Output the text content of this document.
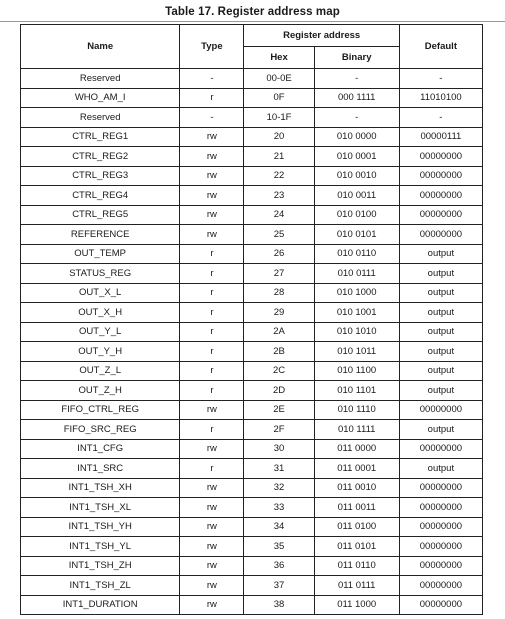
Table 17. Register address map
Name	Type	Register address		Default
		Hex	Binary	
Reserved	-	00-0E	-	-
WHO_AM_I	r	0F	000 1111	11010100
Reserved	-	10-1F	-	-
CTRL_REG1	rw	20	010 0000	00000111
CTRL_REG2	rw	21	010 0001	00000000
CTRL_REG3	rw	22	010 0010	00000000
CTRL_REG4	rw	23	010 0011	00000000
CTRL_REG5	rw	24	010 0100	00000000
REFERENCE	rw	25	010 0101	00000000
OUT_TEMP	r	26	010 0110	output
STATUS_REG	r	27	010 0111	output
OUT_X_L	r	28	010 1000	output
OUT_X_H	r	29	010 1001	output
OUT_Y_L	r	2A	010 1010	output
OUT_Y_H	r	2B	010 1011	output
OUT_Z_L	r	2C	010 1100	output
OUT_Z_H	r	2D	010 1101	output
FIFO_CTRL_REG	rw	2E	010 1110	00000000
FIFO_SRC_REG	r	2F	010 1111	output
INT1_CFG	rw	30	011 0000	00000000
INT1_SRC	r	31	011 0001	output
INT1_TSH_XH	rw	32	011 0010	00000000
INT1_TSH_XL	rw	33	011 0011	00000000
INT1_TSH_YH	rw	34	011 0100	00000000
INT1_TSH_YL	rw	35	011 0101	00000000
INT1_TSH_ZH	rw	36	011 0110	00000000
INT1_TSH_ZL	rw	37	011 0111	00000000
INT1_DURATION	rw	38	011 1000	00000000
